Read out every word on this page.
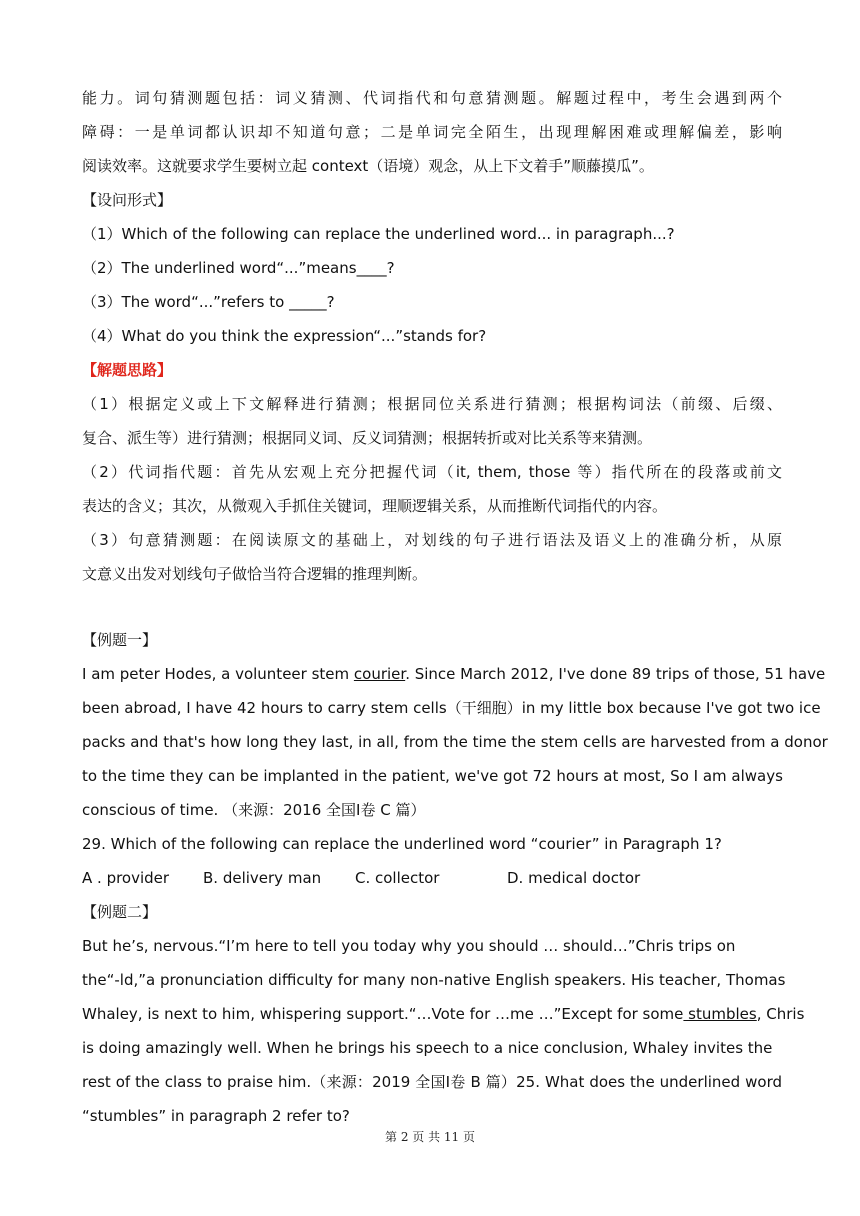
能力。词句猜测题包括：词义猜测、代词指代和句意猜测题。解题过程中，考生会遇到两个
障碍：一是单词都认识却不知道句意；二是单词完全陌生，出现理解困难或理解偏差，影响
阅读效率。这就要求学生要树立起 context（语境）观念，从上下文着手”顺藤摸瓜”。
【设问形式】
（1）Which of the following can replace the underlined word... in paragraph...?
（2）The underlined word“...”means____?
（3）The word“...”refers to _____?
（4）What do you think the expression“...”stands for?
【解题思路】
（1）根据定义或上下文解释进行猜测；根据同位关系进行猜测；根据构词法（前缀、后缀、
复合、派生等）进行猜测；根据同义词、反义词猜测；根据转折或对比关系等来猜测。
（2）代词指代题：首先从宏观上充分把握代词（it, them, those 等）指代所在的段落或前文
表达的含义；其次，从微观入手抓住关键词，理顺逻辑关系，从而推断代词指代的内容。
（3）句意猜测题：在阅读原文的基础上，对划线的句子进行语法及语义上的准确分析，从原
文意义出发对划线句子做恰当符合逻辑的推理判断。
【例题一】
I am peter Hodes, a volunteer stem courier. Since March 2012, I've done 89 trips of those, 51 have
been abroad, I have 42 hours to carry stem cells（干细胞）in my little box because I've got two ice
packs and that's how long they last, in all, from the time the stem cells are harvested from a donor
to the time they can be implanted in the patient, we've got 72 hours at most, So I am always
conscious of time. （来源：2016 全国Ⅰ卷 C 篇）
29. Which of the following can replace the underlined word “courier” in Paragraph 1?
A . provider B. delivery man C. collector	D. medical doctor
【例题二】
But he’s, nervous.“I’m here to tell you today why you should … should…”Chris trips on
the“-ld,”a pronunciation difficulty for many non-native English speakers. His teacher, Thomas
Whaley, is next to him, whispering support.“…Vote for …me …”Except for some stumbles, Chris
is doing amazingly well. When he brings his speech to a nice conclusion, Whaley invites the
rest of the class to praise him.（来源：2019 全国Ⅰ卷 B 篇）25. What does the underlined word
“stumbles” in paragraph 2 refer to?
第 2 页 共 11 页
